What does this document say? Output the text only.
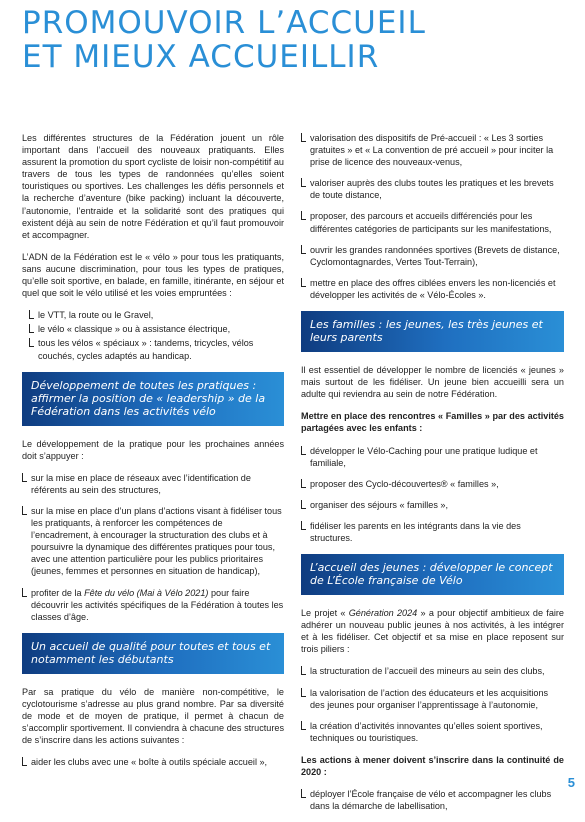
PROMOUVOIR L’ACCUEIL
ET MIEUX ACCUEILLIR

Les différentes structures de la Fédération jouent un rôle important dans l’accueil des nouveaux pratiquants. Elles assurent la promotion du sport cycliste de loisir non-compétitif au travers de tous les types de randonnées qu’elles soient touristiques ou sportives. Les challenges les défis personnels et la recherche d’aventure (bike packing) incluant la découverte, l’autonomie, l’entraide et la solidarité sont des pratiques qui existent déjà au sein de notre Fédération et qu’il faut promouvoir et accompagner.

L’ADN de la Fédération est le « vélo » pour tous les pratiquants, sans aucune discrimination, pour tous les types de pratiques, qu’elle soit sportive, en balade, en famille, itinérante, en séjour et quel que soit le vélo utilisé et les voies empruntées :

le VTT, la route ou le Gravel,
le vélo « classique » ou à assistance électrique,
tous les vélos « spéciaux » : tandems, tricycles, vélos couchés, cycles adaptés au handicap.
Développement de toutes les pratiques : affirmer la position de « leadership » de la Fédération dans les activités vélo

Le développement de la pratique pour les prochaines années doit s’appuyer :

sur la mise en place de réseaux avec l’identification de référents au sein des structures,
sur la mise en place d’un plans d’actions visant à fidéliser tous les pratiquants, à renforcer les compétences de l’encadrement, à encourager la structuration des clubs et à poursuivre la dynamique des différentes pratiques pour tous, avec une attention particulière pour les publics prioritaires (jeunes, femmes et personnes en situation de handicap),
profiter de la Fête du vélo (Mai à Vélo 2021) pour faire découvrir les activités spécifiques de la Fédération à toutes les classes d’âge.
Un accueil de qualité pour toutes et tous et notamment les débutants

Par sa pratique du vélo de manière non-compétitive, le cyclotourisme s’adresse au plus grand nombre. Par sa diversité de mode et de moyen de pratique, il permet à chacun de s’accomplir sportivement. Il conviendra à chacune des structures de s’inscrire dans les actions suivantes :

aider les clubs avec une « boîte à outils spéciale accueil »,
valorisation des dispositifs de Pré-accueil : « Les 3 sorties gratuites » et « La convention de pré accueil » pour inciter la prise de licence des nouveaux-venus,
valoriser auprès des clubs toutes les pratiques et les brevets de toute distance,
proposer, des parcours et accueils différenciés pour les différentes catégories de participants sur les manifestations,
ouvrir les grandes randonnées sportives (Brevets de distance, Cyclomontagnardes, Vertes Tout-Terrain),
mettre en place des offres ciblées envers les non-licenciés et développer les activités de « Vélo-Écoles ».
Les familles : les jeunes, les très jeunes et leurs parents

Il est essentiel de développer le nombre de licenciés « jeunes » mais surtout de les fidéliser. Un jeune bien accueilli sera un adulte qui reviendra au sein de notre Fédération.

Mettre en place des rencontres « Familles » par des activités partagées avec les enfants :

développer le Vélo-Caching pour une pratique ludique et familiale,
proposer des Cyclo-découvertes® « familles »,
organiser des séjours « familles »,
fidéliser les parents en les intégrants dans la vie des structures.
L’accueil des jeunes : développer le concept de L’École française de Vélo

Le projet « Génération 2024 » a pour objectif ambitieux de faire adhérer un nouveau public jeunes à nos activités, à les intégrer et à les fidéliser. Cet objectif et sa mise en place reposent sur trois piliers :

la structuration de l’accueil des mineurs au sein des clubs,
la valorisation de l’action des éducateurs et les acquisitions des jeunes pour organiser l’apprentissage à l’autonomie,
la création d’activités innovantes qu’elles soient sportives, techniques ou touristiques.

Les actions à mener doivent s’inscrire dans la continuité de 2020 :

déployer l’École française de vélo et accompagner les clubs dans la démarche de labellisation,
5
